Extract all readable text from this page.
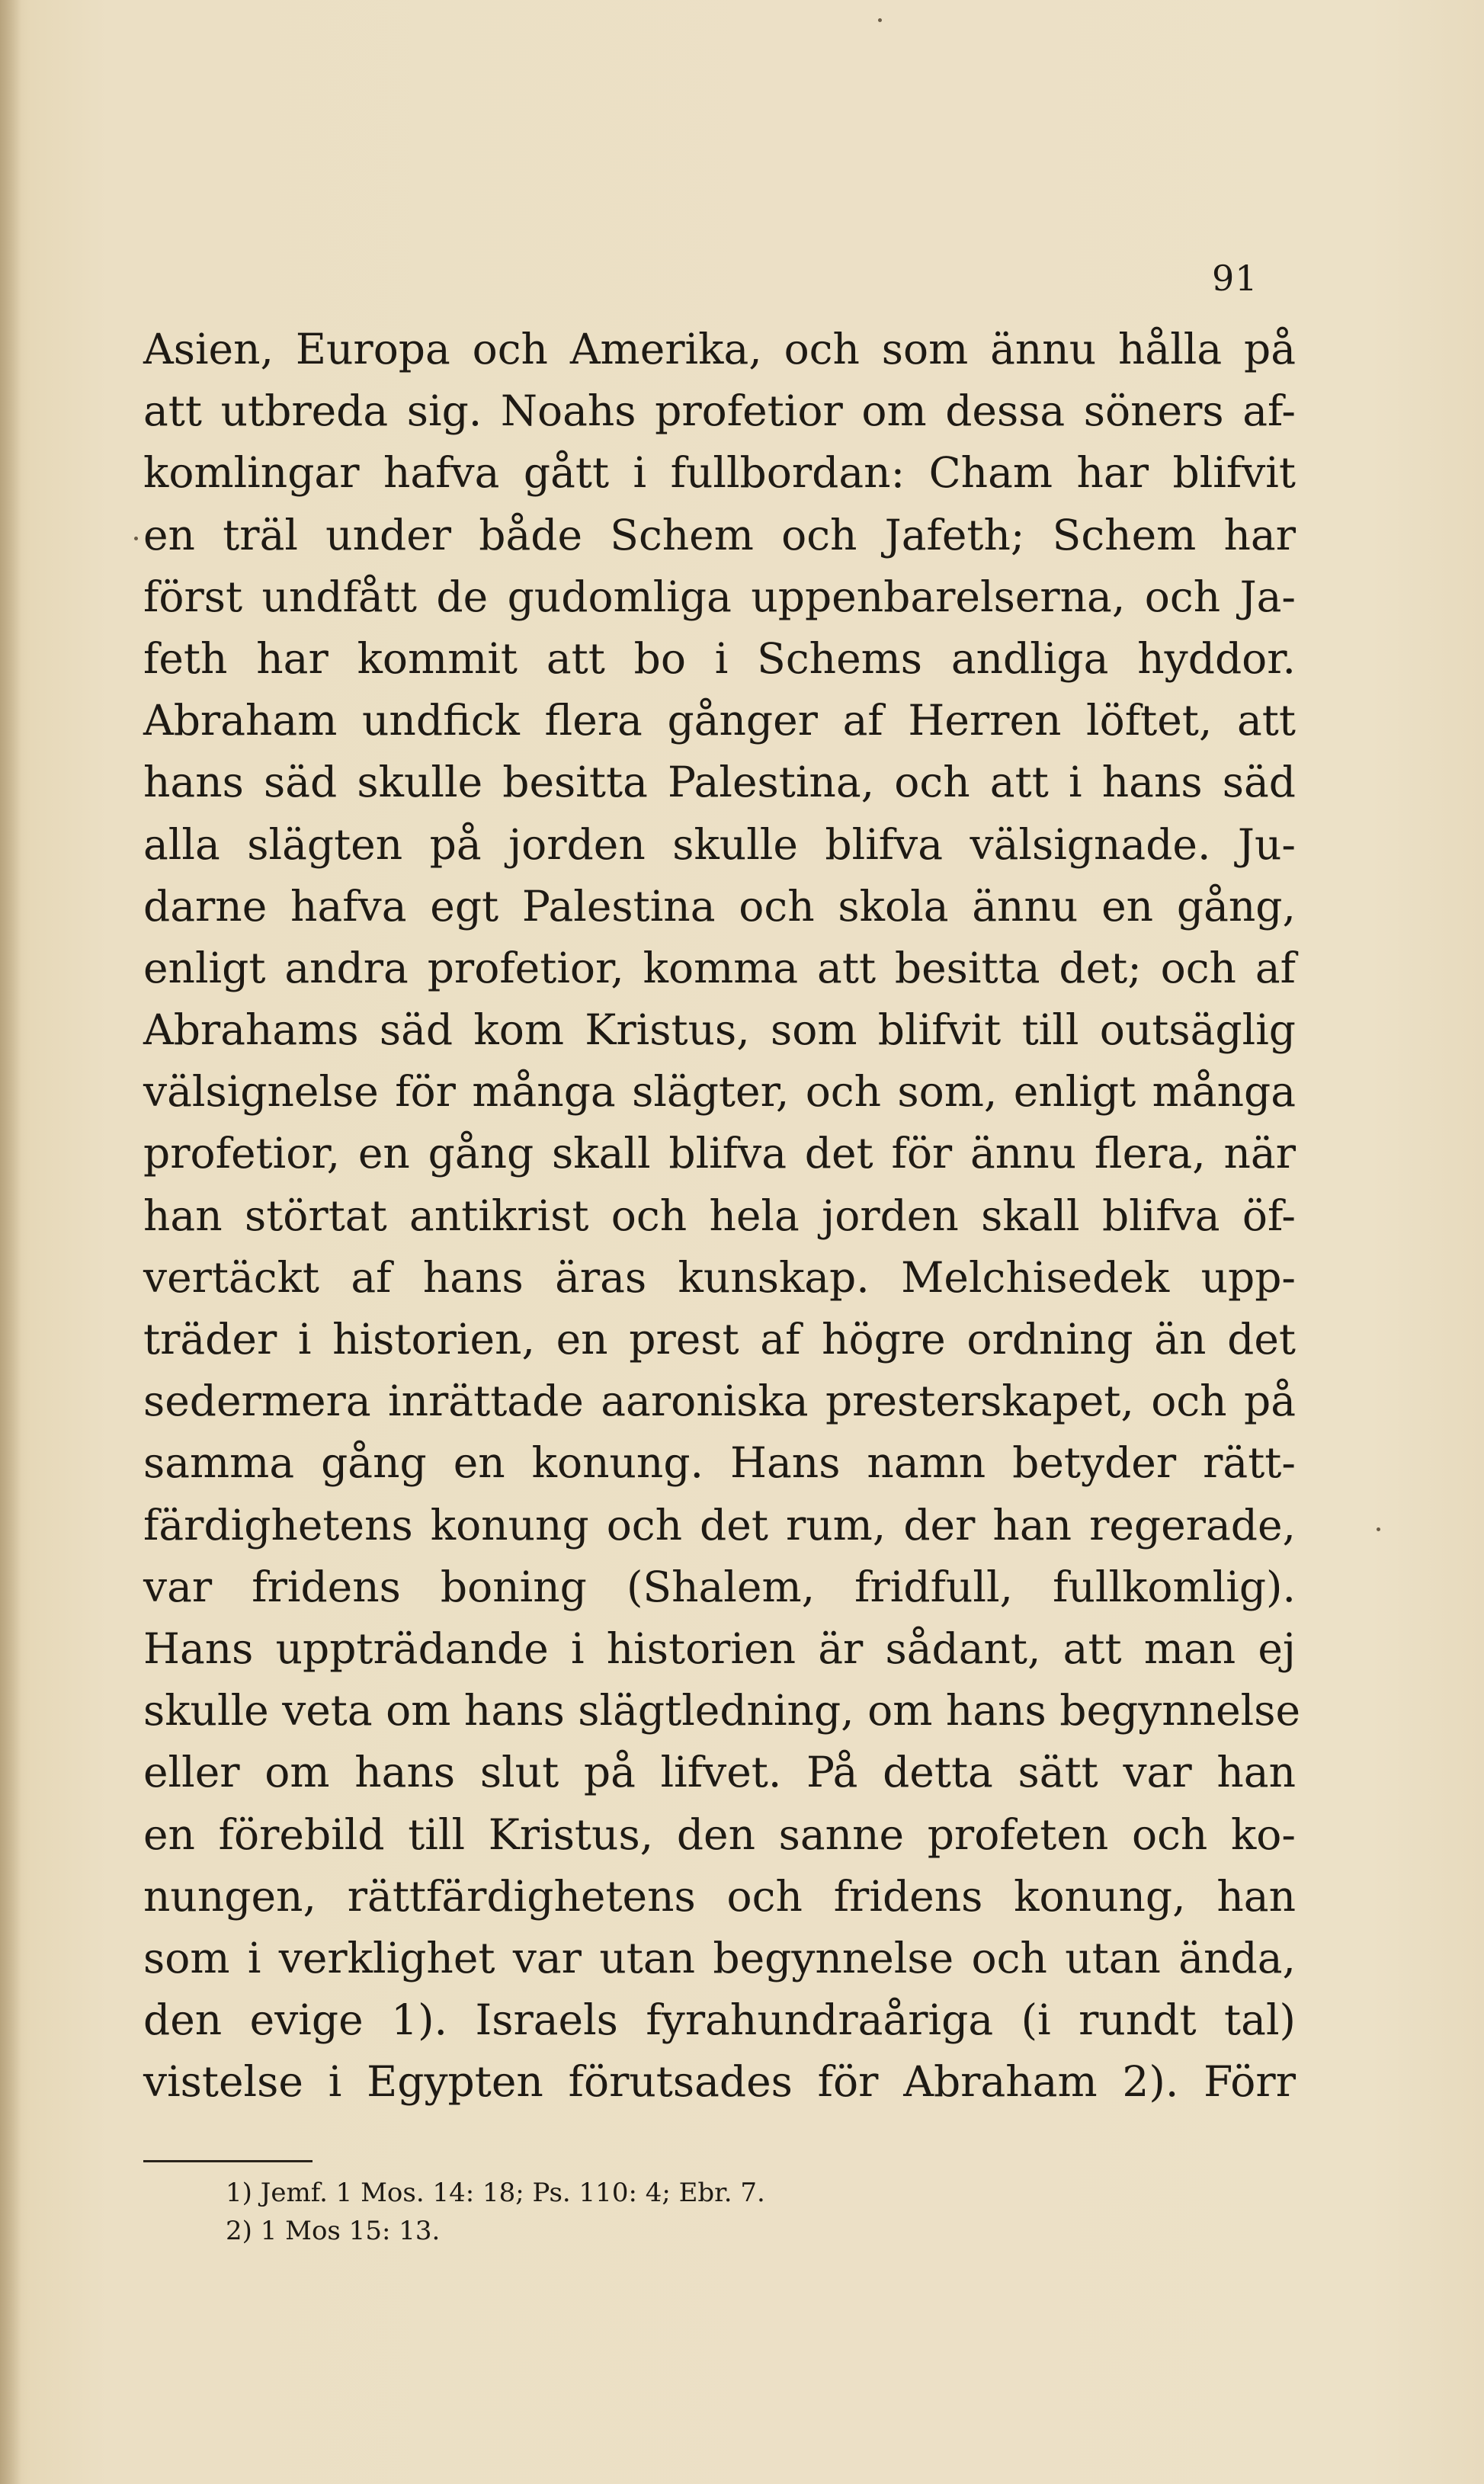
91
Asien, Europa och Amerika, och som ännu hålla på
att utbreda sig. Noahs profetior om dessa söners af-
komlingar hafva gått i fullbordan: Cham har blifvit
en träl under både Schem och Jafeth; Schem har
först undfått de gudomliga uppenbarelserna, och Ja-
feth har kommit att bo i Schems andliga hyddor.
Abraham undfick flera gånger af Herren löftet, att
hans säd skulle besitta Palestina, och att i hans säd
alla slägten på jorden skulle blifva välsignade. Ju-
darne hafva egt Palestina och skola ännu en gång,
enligt andra profetior, komma att besitta det; och af
Abrahams säd kom Kristus, som blifvit till outsäglig
välsignelse för många slägter, och som, enligt många
profetior, en gång skall blifva det för ännu flera, när
han störtat antikrist och hela jorden skall blifva öf-
vertäckt af hans äras kunskap. Melchisedek upp-
träder i historien, en prest af högre ordning än det
sedermera inrättade aaroniska presterskapet, och på
samma gång en konung. Hans namn betyder rätt-
färdighetens konung och det rum, der han regerade,
var fridens boning (Shalem, fridfull, fullkomlig).
Hans uppträdande i historien är sådant, att man ej
skulle veta om hans slägtledning, om hans begynnelse
eller om hans slut på lifvet. På detta sätt var han
en förebild till Kristus, den sanne profeten och ko-
nungen, rättfärdighetens och fridens konung, han
som i verklighet var utan begynnelse och utan ända,
den evige 1). Israels fyrahundraåriga (i rundt tal)
vistelse i Egypten förutsades för Abraham 2). Förr
1) Jemf. 1 Mos. 14: 18; Ps. 110: 4; Ebr. 7.
2) 1 Mos 15: 13.
